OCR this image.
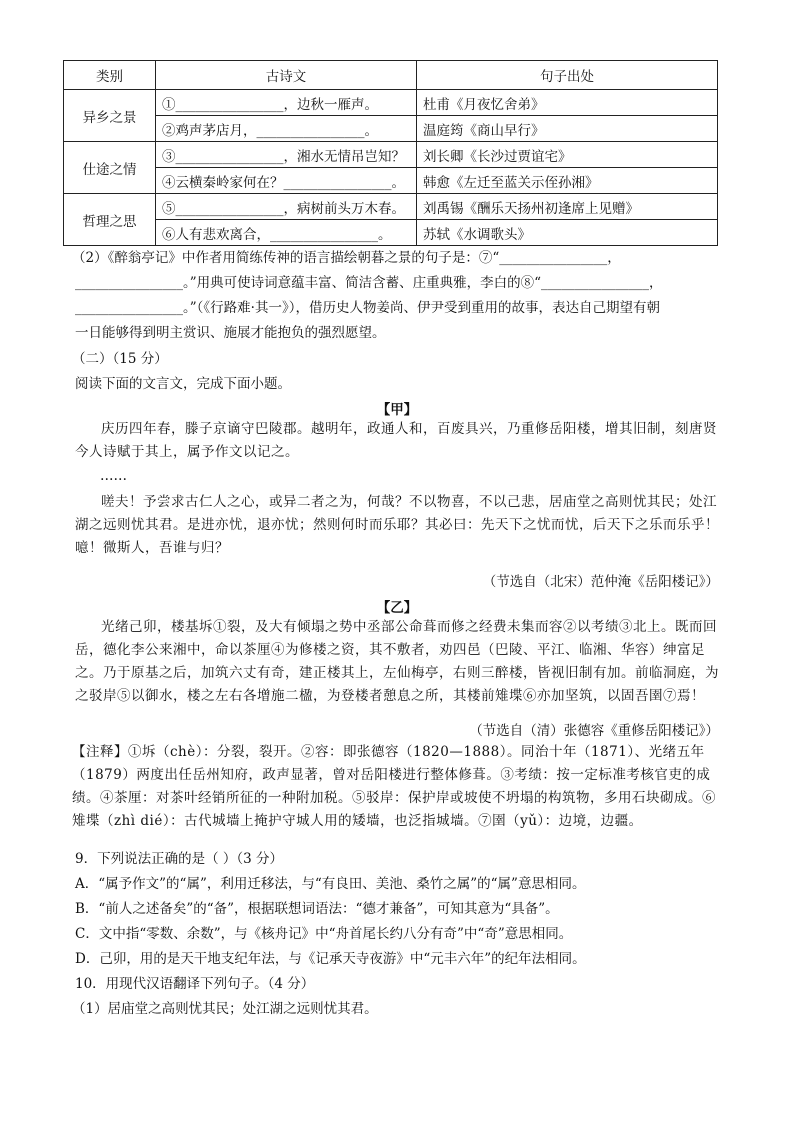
类别	古诗文	句子出处
异乡之景	①________________，边秋一雁声。	杜甫《月夜忆舍弟》
	②鸡声茅店月，________________。	温庭筠《商山早行》
仕途之情	③________________，湘水无情吊岂知？	刘长卿《长沙过贾谊宅》
	④云横秦岭家何在？________________。	韩愈《左迁至蓝关示侄孙湘》
哲理之思	⑤________________，病树前头万木春。	刘禹锡《酬乐天扬州初逢席上见赠》
	⑥人有悲欢离合，________________。	苏轼《水调歌头》
（2）《醉翁亭记》中作者用简练传神的语言描绘朝暮之景的句子是：⑦“________________，
________________。”用典可使诗词意蕴丰富、简洁含蓄、庄重典雅，李白的⑧“________________，
________________。”（《行路难·其一》），借历史人物姜尚、伊尹受到重用的故事，表达自己期望有朝
一日能够得到明主赏识、施展才能抱负的强烈愿望。
（二）（15 分）
阅读下面的文言文，完成下面小题。
【甲】

庆历四年春，滕子京谪守巴陵郡。越明年，政通人和，百废具兴，乃重修岳阳楼，增其旧制，刻唐贤今人诗赋于其上，属予作文以记之。

……

嗟夫！予尝求古仁人之心，或异二者之为，何哉？不以物喜，不以己悲，居庙堂之高则忧其民；处江湖之远则忧其君。是进亦忧，退亦忧；然则何时而乐耶？其必曰：先天下之忧而忧，后天下之乐而乐乎！噫！微斯人，吾谁与归？

（节选自（北宋）范仲淹《岳阳楼记》）
【乙】

光绪己卯，楼基坼①裂，及大有倾塌之势中丞部公命葺而修之经费未集而容②以考绩③北上。既而回岳，德化李公来湘中，命以茶厘④为修楼之资，其不敷者，劝四邑（巴陵、平江、临湘、华容）绅富足之。乃于原基之后，加筑六丈有奇，建正楼其上，左仙梅亭，右则三醉楼，皆视旧制有加。前临洞庭，为之驳岸⑤以御水，楼之左右各增施二楹，为登楼者憩息之所，其楼前雉堞⑥亦加坚筑，以固吾圉⑦焉！

（节选自（清）张德容《重修岳阳楼记》）

【注释】①坼（chè）：分裂，裂开。②容：即张德容（1820—1888）。同治十年（1871）、光绪五年（1879）两度出任岳州知府，政声显著，曾对岳阳楼进行整体修葺。③考绩：按一定标准考核官吏的成绩。④茶厘：对茶叶经销所征的一种附加税。⑤驳岸：保护岸或坡使不坍塌的构筑物，多用石块砌成。⑥雉堞（zhì dié）：古代城墙上掩护守城人用的矮墙，也泛指城墙。⑦圉（yǔ）：边境，边疆。

9．下列说法正确的是（ ）（3 分）
A．“属予作文”的“属”，利用迁移法，与“有良田、美池、桑竹之属”的“属”意思相同。
B．“前人之述备矣”的“备”，根据联想词语法：“德才兼备”，可知其意为“具备”。
C．文中指“零数、余数”，与《核舟记》中“舟首尾长约八分有奇”中“奇”意思相同。
D．己卯，用的是天干地支纪年法，与《记承天寺夜游》中“元丰六年”的纪年法相同。
10．用现代汉语翻译下列句子。（4 分）
（1）居庙堂之高则忧其民；处江湖之远则忧其君。
